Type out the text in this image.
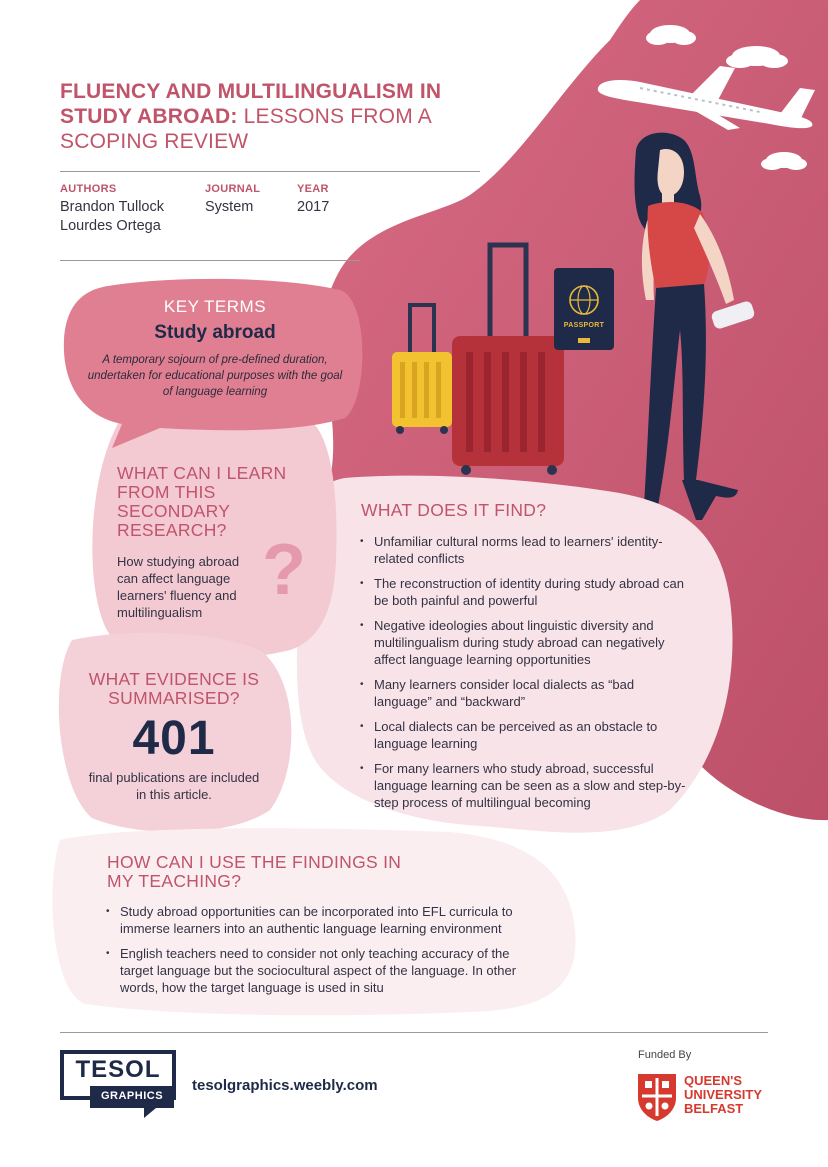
?
FLUENCY AND MULTILINGUALISM IN STUDY ABROAD: LESSONS FROM A SCOPING REVIEW
AUTHORS
Brandon Tullock
Lourdes Ortega
JOURNAL
System
YEAR
2017
KEY TERMS
Study abroad
A temporary sojourn of pre-defined duration, undertaken for educational purposes with the goal of language learning
WHAT CAN I LEARN FROM THIS SECONDARY RESEARCH?
How studying abroad can affect language learners' fluency and multilingualism
WHAT EVIDENCE IS SUMMARISED?
401
final publications are included in this article.
WHAT DOES IT FIND?
• Unfamiliar cultural norms lead to learners' identity-related conflicts
• The reconstruction of identity during study abroad can be both painful and powerful
• Negative ideologies about linguistic diversity and multilingualism during study abroad can negatively affect language learning opportunities
• Many learners consider local dialects as “bad language” and “backward”
• Local dialects can be perceived as an obstacle to language learning
• For many learners who study abroad, successful language learning can be seen as a slow and step-by-step process of multilingual becoming
HOW CAN I USE THE FINDINGS IN MY TEACHING?
• Study abroad opportunities can be incorporated into EFL curricula to immerse learners into an authentic language learning environment
• English teachers need to consider not only teaching accuracy of the target language but the sociocultural aspect of the language. In other words, how the target language is used in situ
PASSPORT
TESOL
GRAPHICS
tesolgraphics.weebly.com
Funded By
QUEEN'S
UNIVERSITY
BELFAST
